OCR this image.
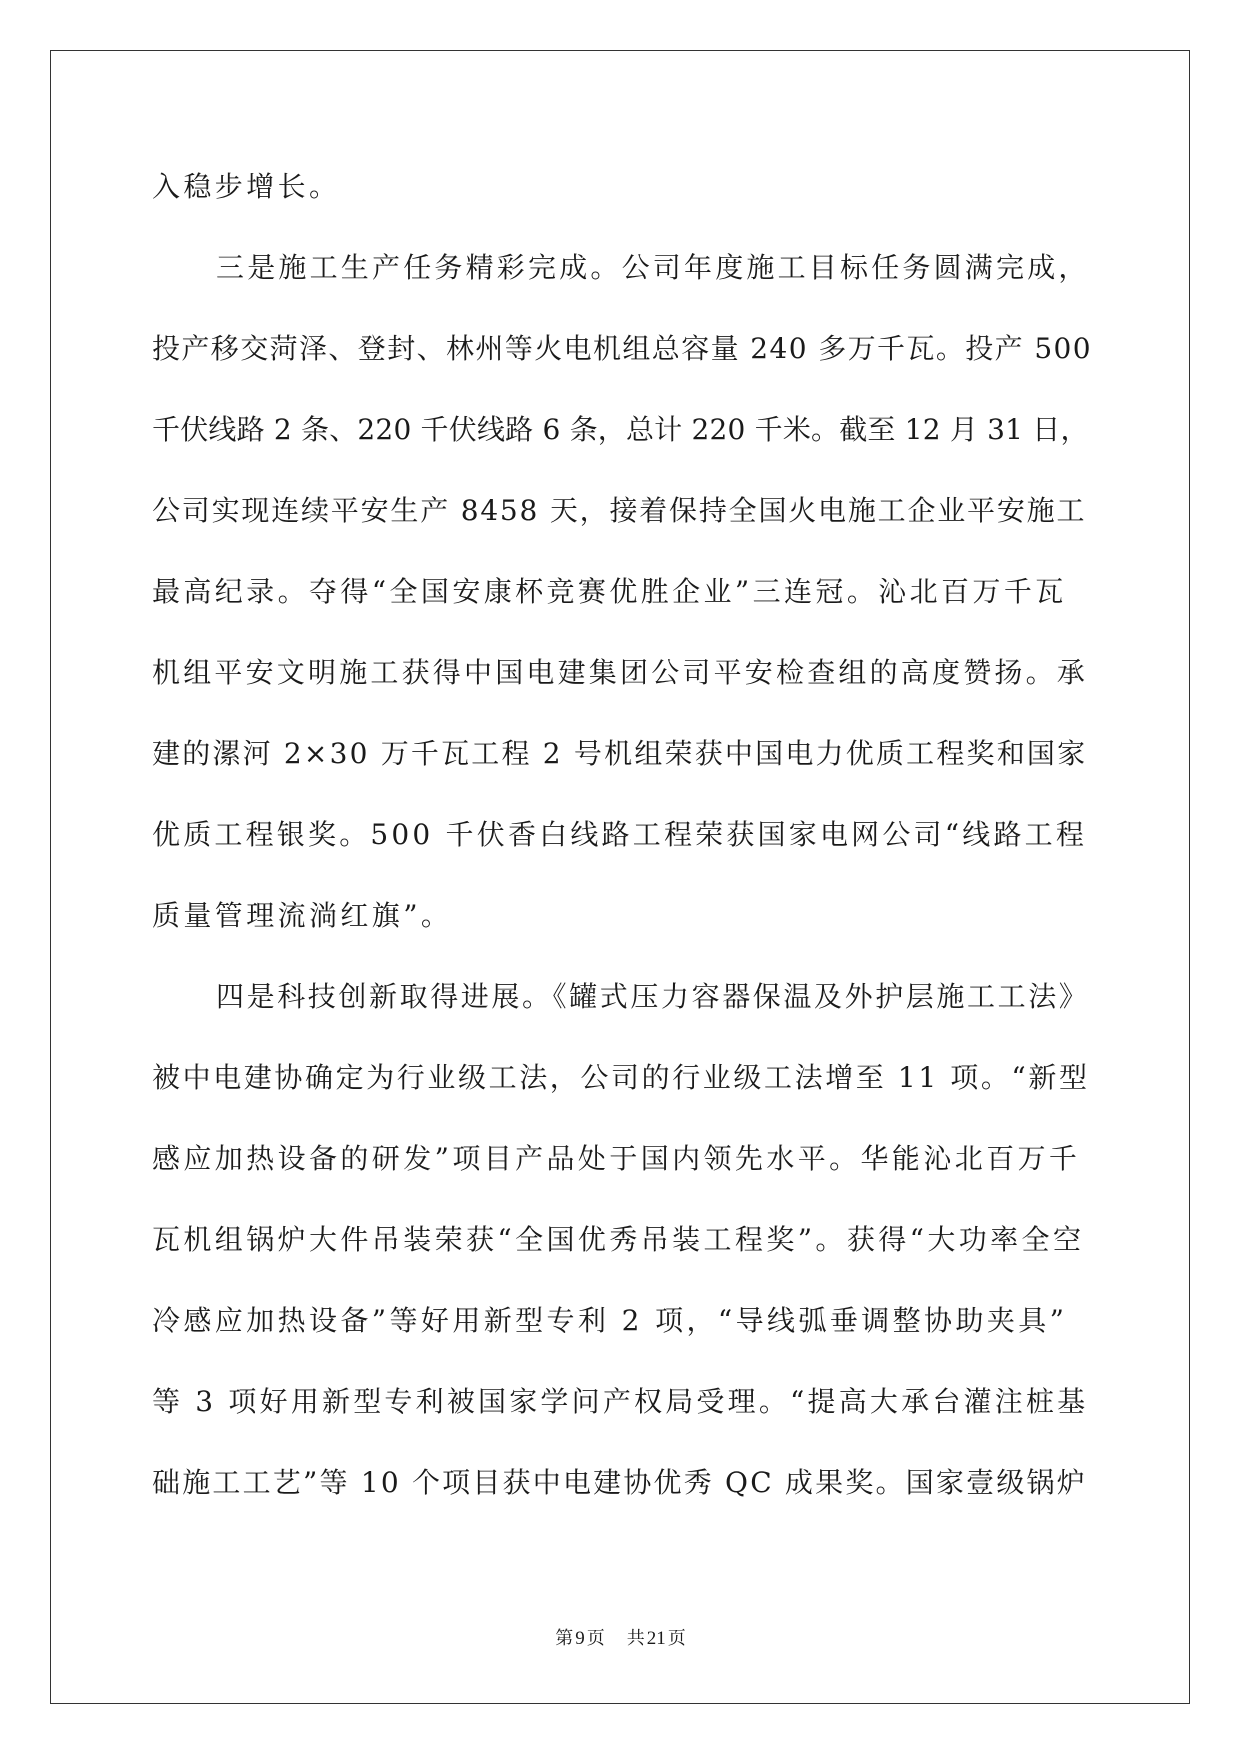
入稳步增长。
三是施工生产任务精彩完成。公司年度施工目标任务圆满完成，
投产移交菏泽、登封、林州等火电机组总容量 240 多万千瓦。投产 500
千伏线路 2 条、220 千伏线路 6 条，总计 220 千米。截至 12 月 31 日，
公司实现连续平安生产 8458 天，接着保持全国火电施工企业平安施工
最高纪录。夺得“全国安康杯竞赛优胜企业”三连冠。沁北百万千瓦
机组平安文明施工获得中国电建集团公司平安检查组的高度赞扬。承
建的漯河 2×30 万千瓦工程 2 号机组荣获中国电力优质工程奖和国家
优质工程银奖。500 千伏香白线路工程荣获国家电网公司“线路工程
质量管理流淌红旗”。
四是科技创新取得进展。《罐式压力容器保温及外护层施工工法》
被中电建协确定为行业级工法，公司的行业级工法增至 11 项。“新型
感应加热设备的研发”项目产品处于国内领先水平。华能沁北百万千
瓦机组锅炉大件吊装荣获“全国优秀吊装工程奖”。获得“大功率全空
冷感应加热设备”等好用新型专利 2 项，“导线弧垂调整协助夹具”
等 3 项好用新型专利被国家学问产权局受理。“提高大承台灌注桩基
础施工工艺”等 10 个项目获中电建协优秀 QC 成果奖。国家壹级锅炉
第 9 页 共 21 页
